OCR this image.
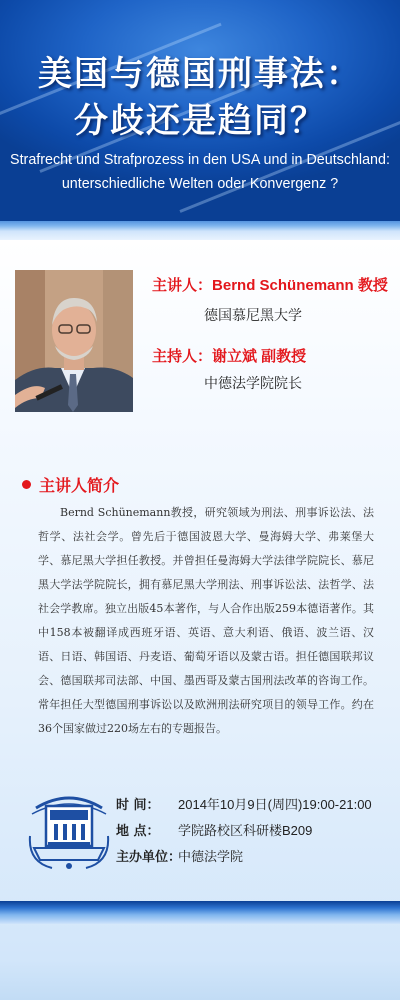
美国与德国刑事法：
分歧还是趋同？
Strafrecht und Strafprozess in den USA und in Deutschland:
unterschiedliche Welten oder Konvergenz ?
主讲人：Bernd Schünemann 教授
德国慕尼黑大学
主持人：谢立斌 副教授
中德法学院院长
主讲人简介
Bernd Schünemann教授，研究领域为刑法、刑事诉讼法、法哲学、法社会学。曾先后于德国波恩大学、曼海姆大学、弗莱堡大学、慕尼黑大学担任教授。并曾担任曼海姆大学法律学院院长、慕尼黑大学法学院院长，拥有慕尼黑大学刑法、刑事诉讼法、法哲学、法社会学教席。独立出版45本著作，与人合作出版259本德语著作。其中158本被翻译成西班牙语、英语、意大利语、俄语、波兰语、汉语、日语、韩国语、丹麦语、葡萄牙语以及蒙古语。担任德国联邦议会、德国联邦司法部、中国、墨西哥及蒙古国刑法改革的咨询工作。常年担任大型德国刑事诉讼以及欧洲刑法研究项目的领导工作。约在36个国家做过220场左右的专题报告。
时 间： 2014年10月9日(周四)19:00-21:00
地 点： 学院路校区科研楼B209
主办单位：中德法学院
